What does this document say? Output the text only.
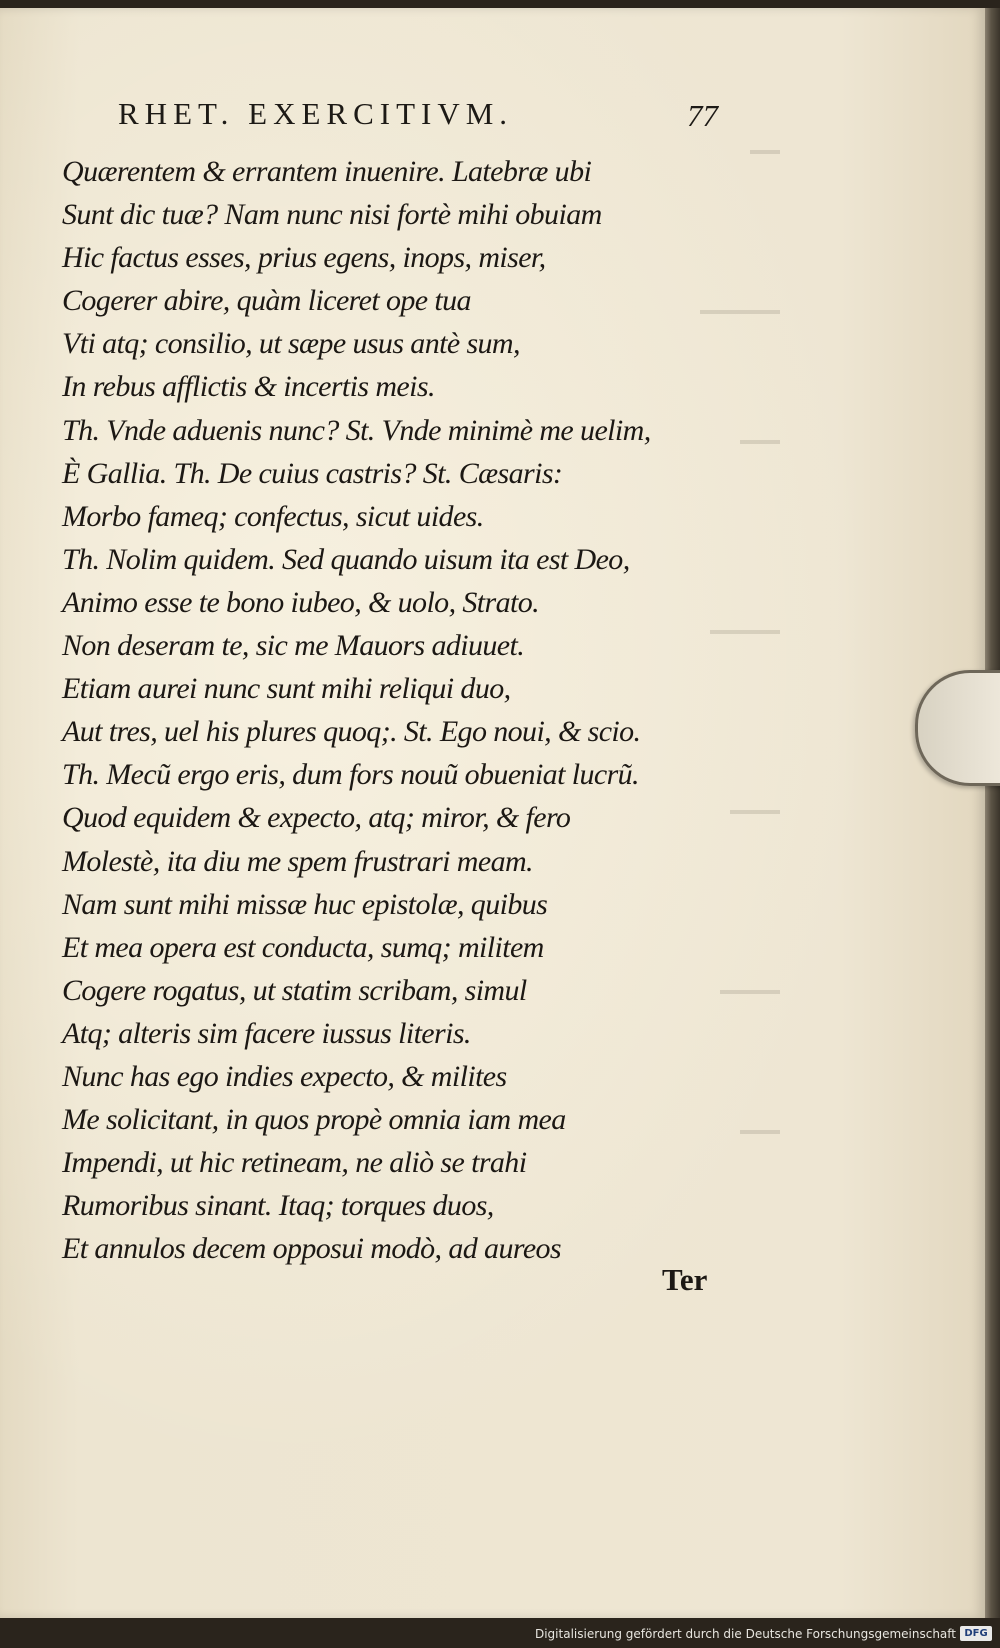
RHET. EXERCITIVM.	77
Quærentem & errantem inuenire. Latebræ ubi
Sunt dic tuæ? Nam nunc nisi fortè mihi obuiam
Hic factus esses, prius egens, inops, miser,
Cogerer abire, quàm liceret ope tua
Vti atq; consilio, ut sæpe usus antè sum,
In rebus afflictis & incertis meis.
Th. Vnde aduenis nunc? St. Vnde minimè me uelim,
È Gallia. Th. De cuius castris? St. Cæsaris:
Morbo fameq; confectus, sicut uides.
Th. Nolim quidem. Sed quando uisum ita est Deo,
Animo esse te bono iubeo, & uolo, Strato.
Non deseram te, sic me Mauors adiuuet.
Etiam aurei nunc sunt mihi reliqui duo,
Aut tres, uel his plures quoq;. St. Ego noui, & scio.
Th. Mecũ ergo eris, dum fors nouũ obueniat lucrũ.
Quod equidem & expecto, atq; miror, & fero
Molestè, ita diu me spem frustrari meam.
Nam sunt mihi missæ huc epistolæ, quibus
Et mea opera est conducta, sumq; militem
Cogere rogatus, ut statim scribam, simul
Atq; alteris sim facere iussus literis.
Nunc has ego indies expecto, & milites
Me solicitant, in quos propè omnia iam mea
Impendi, ut hic retineam, ne aliò se trahi
Rumoribus sinant. Itaq; torques duos,
Et annulos decem opposui modò, ad aureos
Ter
Digitalisierung gefördert durch die Deutsche Forschungsgemeinschaft DFG
